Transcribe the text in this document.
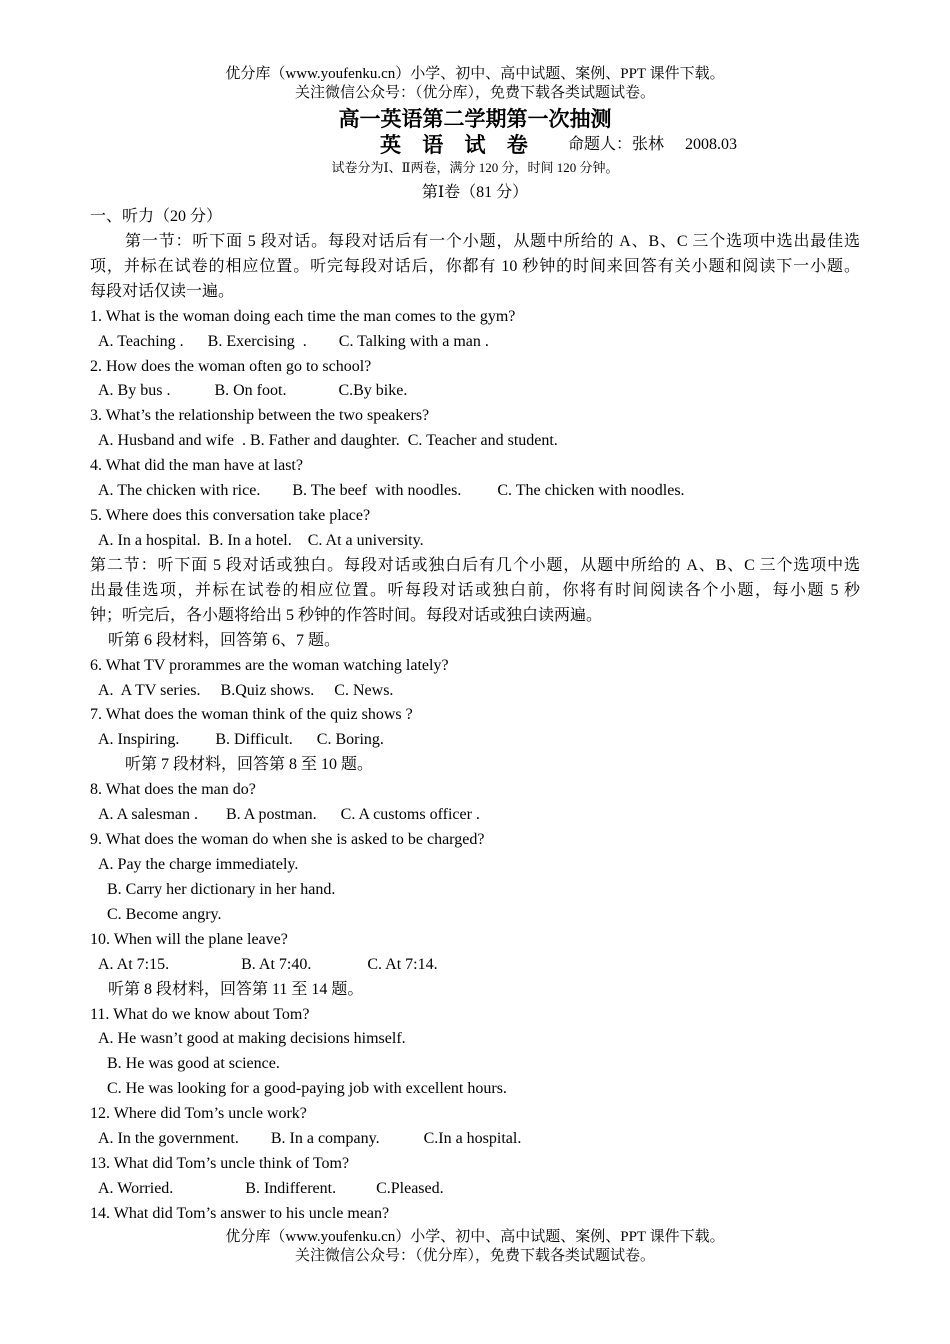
优分库（www.youfenku.cn）小学、初中、高中试题、案例、PPT 课件下载。
关注微信公众号：（优分库），免费下载各类试题试卷。
高一英语第二学期第一次抽测
英 语 试 卷 命题人：张林 2008.03
试卷分为Ⅰ、Ⅱ两卷，满分 120 分，时间 120 分钟。
第Ⅰ卷（81 分）
一、听力（20 分）
第一节：听下面 5 段对话。每段对话后有一个小题，从题中所给的 A、B、C 三个选项中选出最佳选
项，并标在试卷的相应位置。听完每段对话后，你都有 10 秒钟的时间来回答有关小题和阅读下一小题。
每段对话仅读一遍。
1. What is the woman doing each time the man comes to the gym?
A. Teaching .      B. Exercising  .        C. Talking with a man .
2. How does the woman often go to school?
A. By bus .           B. On foot.             C.By bike.
3. What’s the relationship between the two speakers?
A. Husband and wife  . B. Father and daughter.  C. Teacher and student.
4. What did the man have at last?
A. The chicken with rice.        B. The beef  with noodles.         C. The chicken with noodles.
5. Where does this conversation take place?
A. In a hospital.  B. In a hotel.    C. At a university.
第二节：听下面 5 段对话或独白。每段对话或独白后有几个小题，从题中所给的 A、B、C 三个选项中选
出最佳选项，并标在试卷的相应位置。听每段对话或独白前，你将有时间阅读各个小题，每小题 5 秒
钟；听完后，各小题将给出 5 秒钟的作答时间。每段对话或独白读两遍。
听第 6 段材料，回答第 6、7 题。
6. What TV prorammes are the woman watching lately?
A.  A TV series.     B.Quiz shows.     C. News.
7. What does the woman think of the quiz shows ?
A. Inspiring.         B. Difficult.      C. Boring.
听第 7 段材料，回答第 8 至 10 题。
8. What does the man do?
A. A salesman .       B. A postman.      C. A customs officer .
9. What does the woman do when she is asked to be charged?
A. Pay the charge immediately.
B. Carry her dictionary in her hand.
C. Become angry.
10. When will the plane leave?
A. At 7:15.                  B. At 7:40.              C. At 7:14.
听第 8 段材料，回答第 11 至 14 题。
11. What do we know about Tom?
A. He wasn’t good at making decisions himself.
B. He was good at science.
C. He was looking for a good-paying job with excellent hours.
12. Where did Tom’s uncle work?
A. In the government.        B. In a company.           C.In a hospital.
13. What did Tom’s uncle think of Tom?
A. Worried.                  B. Indifferent.          C.Pleased.
14. What did Tom’s answer to his uncle mean?
优分库（www.youfenku.cn）小学、初中、高中试题、案例、PPT 课件下载。
关注微信公众号：（优分库），免费下载各类试题试卷。
